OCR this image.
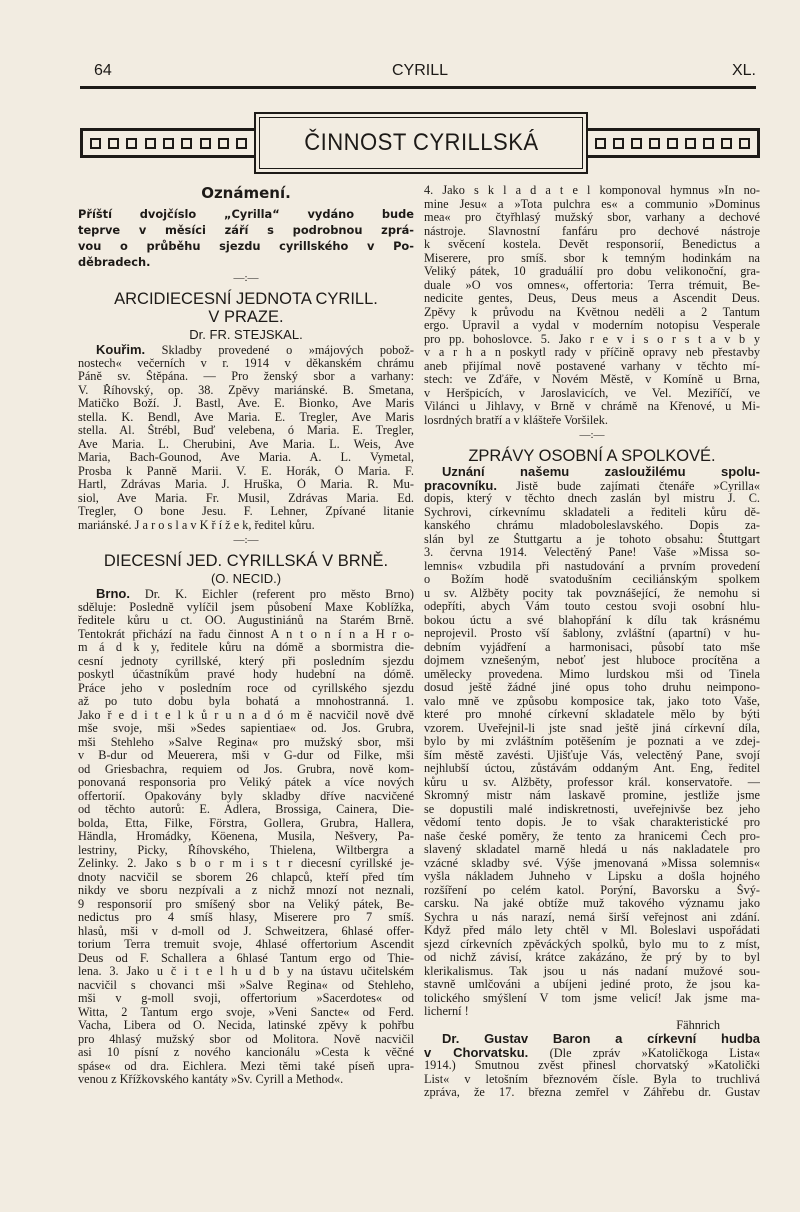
64	CYRILL	XL.
ČINNOST CYRILLSKÁ
Oznámení.
Příští dvojčíslo „Cyrilla“ vydáno bude
teprve v měsíci září s podrobnou zprá-
vou o průběhu sjezdu cyrillského v Po-
děbradech.
—:—
ARCIDIECESNÍ JEDNOTA CYRILL.
V PRAZE.
Dr. FR. STEJSKAL.
Kouřim. Skladby provedené o »májových pobož-
nostech« večerních v r. 1914 v děkanském chrámu
Páně sv. Štěpána. — Pro ženský sbor a varhany:
V. Říhovský, op. 38. Zpěvy mariánské. B. Smetana,
Matičko Boží. J. Bastl, Ave. E. Bionko, Ave Maris
stella. K. Bendl, Ave Maria. E. Tregler, Ave Maris
stella. Al. Štrébl, Buď velebena, ó Maria. E. Tregler,
Ave Maria. L. Cherubini, Ave Maria. L. Weis, Ave
Maria, Bach-Gounod, Ave Maria. A. L. Vymetal,
Prosba k Panně Marii. V. E. Horák, Ó Maria. F.
Hartl, Zdrávas Maria. J. Hruška, Ó Maria. R. Mu-
siol, Ave Maria. Fr. Musil, Zdrávas Maria. Ed.
Tregler, O bone Jesu. F. Lehner, Zpívané litanie
mariánské. J a r o s l a v K ř í ž e k, ředitel kůru.
—:—
DIECESNÍ JED. CYRILLSKÁ V BRNĚ.
(O. NECID.)
Brno. Dr. K. Eichler (referent pro město Brno)
sděluje: Posledně vylíčil jsem působení Maxe Koblížka,
ředitele kůru u ct. OO. Augustiniánů na Starém Brně.
Tentokrát přichází na řadu činnost A n t o n í n a H r o-
m á d k y, ředitele kůru na dómě a sbormistra die-
cesní jednoty cyrillské, který při posledním sjezdu
poskytl účastníkům pravé hody hudební na dómě.
Práce jeho v posledním roce od cyrillského sjezdu
až po tuto dobu byla bohatá a mnohostranná. 1.
Jako ř e d i t e l k ů r u n a d ó m ě nacvičil nově dvě
mše svoje, mši »Sedes sapientiae« od. Jos. Grubra,
mši Stehleho »Salve Regina« pro mužský sbor, mši
v B-dur od Meuerera, mši v G-dur od Filke, mši
od Griesbachra, requiem od Jos. Grubra, nově kom-
ponovaná responsoria pro Veliký pátek a více nových
offertorií. Opakovány byly skladby dříve nacvičené
od těchto autorů: E. Adlera, Brossiga, Cainera, Die-
bolda, Etta, Filke, Förstra, Gollera, Grubra, Hallera,
Händla, Hromádky, Köenena, Musila, Nešvery, Pa-
lestriny, Picky, Říhovského, Thielena, Wiltbergra a
Zelinky. 2. Jako s b o r m i s t r diecesní cyrillské je-
dnoty nacvičil se sborem 26 chlapců, kteří před tím
nikdy ve sboru nezpívali a z nichž mnozí not neznali,
9 responsorií pro smíšený sbor na Veliký pátek, Be-
nedictus pro 4 smíš hlasy, Miserere pro 7 smíš.
hlasů, mši v d-moll od J. Schweitzera, 6hlasé offer-
torium Terra tremuit svoje, 4hlasé offertorium Ascendit
Deus od F. Schallera a 6hlasé Tantum ergo od Thie-
lena. 3. Jako u č i t e l h u d b y na ústavu učitelském
nacvičil s chovanci mši »Salve Regina« od Stehleho,
mši v g-moll svoji, offertorium »Sacerdotes« od
Witta, 2 Tantum ergo svoje, »Veni Sancte« od Ferd.
Vacha, Libera od O. Necida, latinské zpěvy k pohřbu
pro 4hlasý mužský sbor od Molitora. Nově nacvičil
asi 10 písní z nového kancionálu »Cesta k věčné
spáse« od dra. Eichlera. Mezi těmi také píseň upra-
venou z Křížkovského kantáty »Sv. Cyrill a Method«.
4. Jako s k l a d a t e l komponoval hymnus »In no-
mine Jesu« a »Tota pulchra es« a communio »Dominus
mea« pro čtyřhlasý mužský sbor, varhany a dechové
nástroje. Slavnostní fanfáru pro dechové nástroje
k svěcení kostela. Devět responsorií, Benedictus a
Miserere, pro smíš. sbor k temným hodinkám na
Veliký pátek, 10 graduálií pro dobu velikonoční, gra-
duale »O vos omnes«, offertoria: Terra trémuit, Be-
nedicite gentes, Deus, Deus meus a Ascendit Deus.
Zpěvy k průvodu na Květnou neděli a 2 Tantum
ergo. Upravil a vydal v moderním notopisu Vesperale
pro pp. bohoslovce. 5. Jako r e v i s o r s t a v b y
v a r h a n poskytl rady v příčině opravy neb přestavby
aneb přijímal nově postavené varhany v těchto mí-
stech: ve Zďáře, v Novém Městě, v Komíně u Brna,
v Heršpicích, v Jaroslavicích, ve Vel. Meziříčí, ve
Vilánci u Jihlavy, v Brně v chrámě na Křenové, u Mi-
losrdných bratří a v klášteře Voršilek.
—:—
ZPRÁVY OSOBNÍ A SPOLKOVÉ.
Uznání našemu zasloužilému spolu-
pracovníku. Jistě bude zajímati čtenáře »Cyrilla«
dopis, který v těchto dnech zaslán byl mistru J. C.
Sychrovi, církevnímu skladateli a řediteli kůru dě-
kanského chrámu mladoboleslavského. Dopis za-
slán byl ze Štuttgartu a je tohoto obsahu: Štuttgart
3. června 1914. Velectěný Pane! Vaše »Missa so-
lemnis« vzbudila při nastudování a prvním provedení
o Božím hodě svatodušním ceciliánským spolkem
u sv. Alžběty pocity tak povznášející, že nemohu si
odepříti, abych Vám touto cestou svoji osobní hlu-
bokou úctu a své blahopřání k dílu tak krásnému
neprojevil. Prosto vší šablony, zvláštní (apartní) v hu-
debním vyjádření a harmonisaci, působí tato mše
dojmem vznešeným, neboť jest hluboce procítěna a
umělecky provedena. Mimo lurdskou mši od Tinela
dosud ještě žádné jiné opus toho druhu neimpono-
valo mně ve způsobu komposice tak, jako toto Vaše,
které pro mnohé církevní skladatele mělo by býti
vzorem. Uveřejnil-li jste snad ještě jiná církevní díla,
bylo by mi zvláštním potěšením je poznati a ve zdej-
ším městě zavésti. Ujišťuje Vás, velectěný Pane, svojí
nejhlubší úctou, zůstávám oddaným Ant. Eng, ředitel
kůru u sv. Alžběty, professor král. konservatoře. —
Skromný mistr nám laskavě promine, jestliže jsme
se dopustili malé indiskretnosti, uveřejnivše bez jeho
vědomí tento dopis. Je to však charakteristické pro
naše české poměry, že tento za hranicemi Čech pro-
slavený skladatel marně hledá u nás nakladatele pro
vzácné skladby své. Výše jmenovaná »Missa solemnis«
vyšla nákladem Juhneho v Lipsku a došla hojného
rozšíření po celém katol. Porýní, Bavorsku a Švý-
carsku. Na jaké obtíže muž takového významu jako
Sychra u nás narazí, nemá širší veřejnost ani zdání.
Když před málo lety chtěl v Ml. Boleslavi uspořádati
sjezd církevních zpěváckých spolků, bylo mu to z míst,
od nichž závisí, krátce zakázáno, že prý by to byl
klerikalismus. Tak jsou u nás nadaní mužové sou-
stavně umlčováni a ubíjeni jediné proto, že jsou ka-
tolického smýšlení V tom jsme velicí! Jak jsme ma-
licherní !
Fähnrich
Dr. Gustav Baron a církevní hudba
v Chorvatsku. (Dle zpráv »Katoličkoga Lista«
1914.) Smutnou zvěst přinesl chorvatský »Katolički
List« v letošním březnovém čísle. Byla to truchlivá
zpráva, že 17. března zemřel v Záhřebu dr. Gustav
